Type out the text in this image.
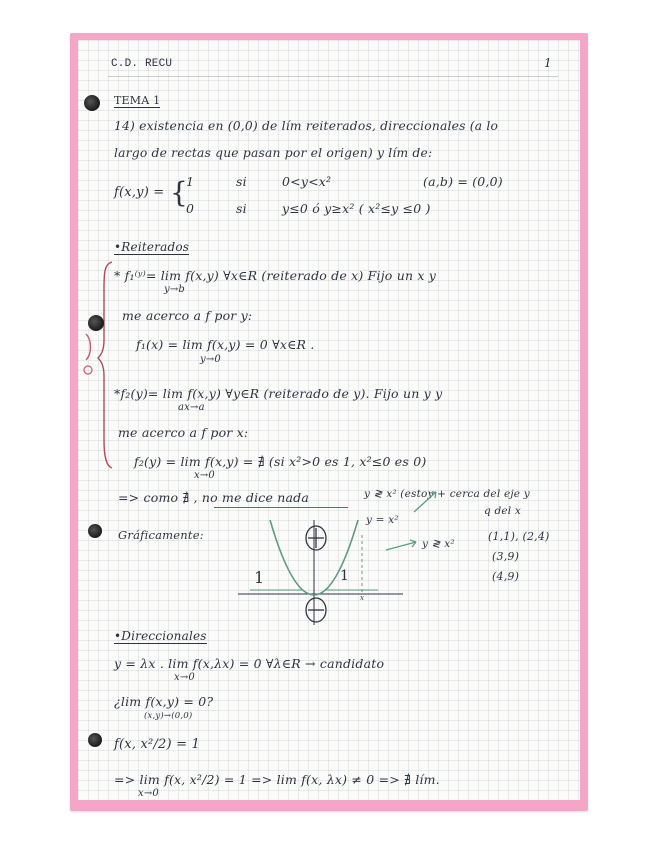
C.D. RECU	1
TEMA 1
14) existencia en (0,0) de lím reiterados, direccionales (a lo
largo de rectas que pasan por el origen) y lím de:
f(x,y) = {
1	si	0<y<x²	(a,b) = (0,0)
0	si	y≤0 ó y≥x² ( x²≤y ≤0 )
•Reiterados
* f₁⁽ʸ⁾= lim f(x,y) ∀x∈R (reiterado de x) Fijo un x y
y→b
me acerco a f por y:
f₁(x) = lim f(x,y) = 0 ∀x∈R .
y→0
*f₂(y)= lim f(x,y) ∀y∈R (reiterado de y). Fijo un y y
ax→a
me acerco a f por x:
f₂(y) = lim f(x,y) = ∄ (si x²>0 es 1, x²≤0 es 0)
x→0
=> como ∄ , no me dice nada	y ≷ x² (estoy + cerca del eje y
q del x
y = x²
Gráficamente:
y ≷ x²
(1,1), (2,4)
(3,9)
(4,9)
1	1
x
•Direccionales
y = λx . lim f(x,λx) = 0 ∀λ∈R → candidato
x→0
¿lim f(x,y) = 0?
(x,y)→(0,0)
f(x, x²/2) = 1
=> lim f(x, x²/2) = 1 => lim f(x, λx) ≠ 0 => ∄ lím.
x→0
